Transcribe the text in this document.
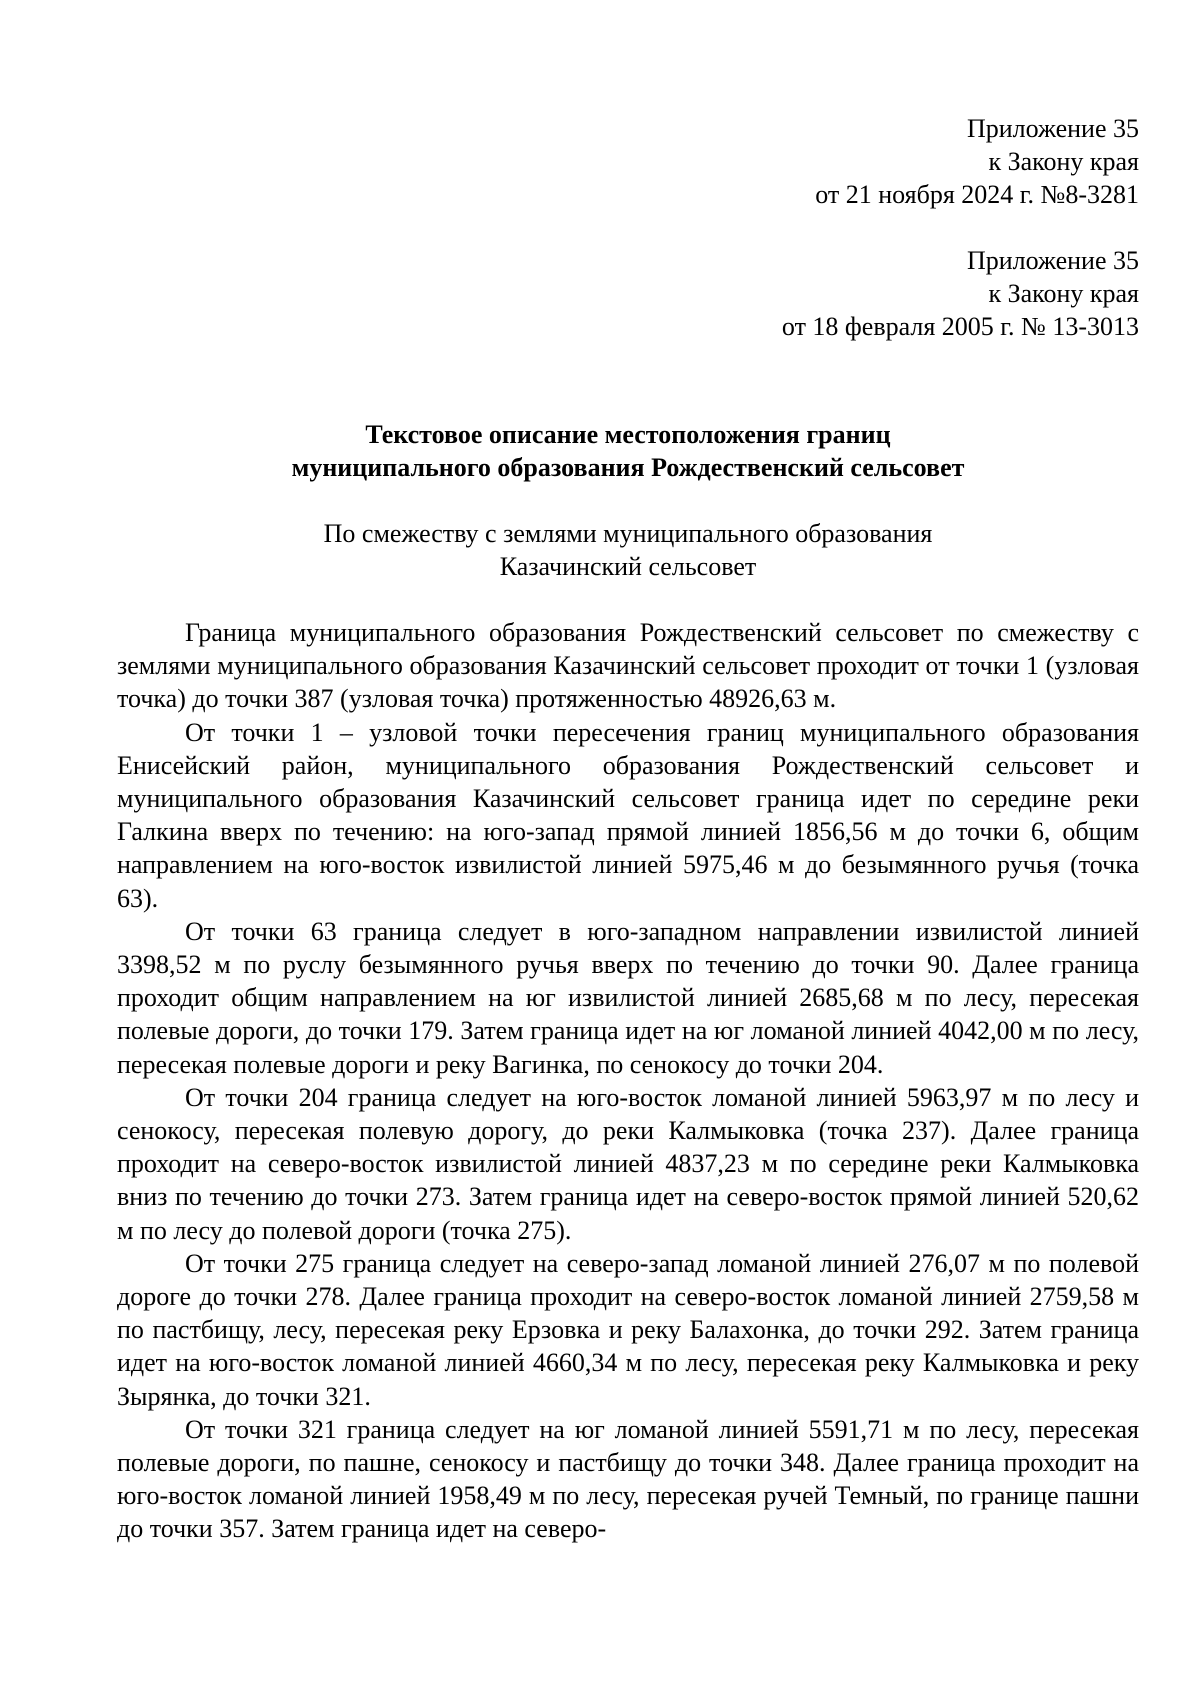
Приложение 35
к Закону края
от 21 ноября 2024 г. №8-3281
Приложение 35
к Закону края
от 18 февраля 2005 г. № 13-3013
Текстовое описание местоположения границ
муниципального образования Рождественский сельсовет
По смежеству с землями муниципального образования
Казачинский сельсовет

Граница муниципального образования Рождественский сельсовет по смежеству с землями муниципального образования Казачинский сельсовет проходит от точки 1 (узловая точка) до точки 387 (узловая точка) протяженностью 48926,63 м.

От точки 1 – узловой точки пересечения границ муниципального образования Енисейский район, муниципального образования Рождественский сельсовет и муниципального образования Казачинский сельсовет граница идет по середине реки Галкина вверх по течению: на юго-запад прямой линией 1856,56 м до точки 6, общим направлением на юго-восток извилистой линией 5975,46 м до безымянного ручья (точка 63).

От точки 63 граница следует в юго-западном направлении извилистой линией 3398,52 м по руслу безымянного ручья вверх по течению до точки 90. Далее граница проходит общим направлением на юг извилистой линией 2685,68 м по лесу, пересекая полевые дороги, до точки 179. Затем граница идет на юг ломаной линией 4042,00 м по лесу, пересекая полевые дороги и реку Вагинка, по сенокосу до точки 204.

От точки 204 граница следует на юго-восток ломаной линией 5963,97 м по лесу и сенокосу, пересекая полевую дорогу, до реки Калмыковка (точка 237). Далее граница проходит на северо-восток извилистой линией 4837,23 м по середине реки Калмыковка вниз по течению до точки 273. Затем граница идет на северо-восток прямой линией 520,62 м по лесу до полевой дороги (точка 275).

От точки 275 граница следует на северо-запад ломаной линией 276,07 м по полевой дороге до точки 278. Далее граница проходит на северо-восток ломаной линией 2759,58 м по пастбищу, лесу, пересекая реку Ерзовка и реку Балахонка, до точки 292. Затем граница идет на юго-восток ломаной линией 4660,34 м по лесу, пересекая реку Калмыковка и реку Зырянка, до точки 321.

От точки 321 граница следует на юг ломаной линией 5591,71 м по лесу, пересекая полевые дороги, по пашне, сенокосу и пастбищу до точки 348. Далее граница проходит на юго-восток ломаной линией 1958,49 м по лесу, пересекая ручей Темный, по границе пашни до точки 357. Затем граница идет на северо-
